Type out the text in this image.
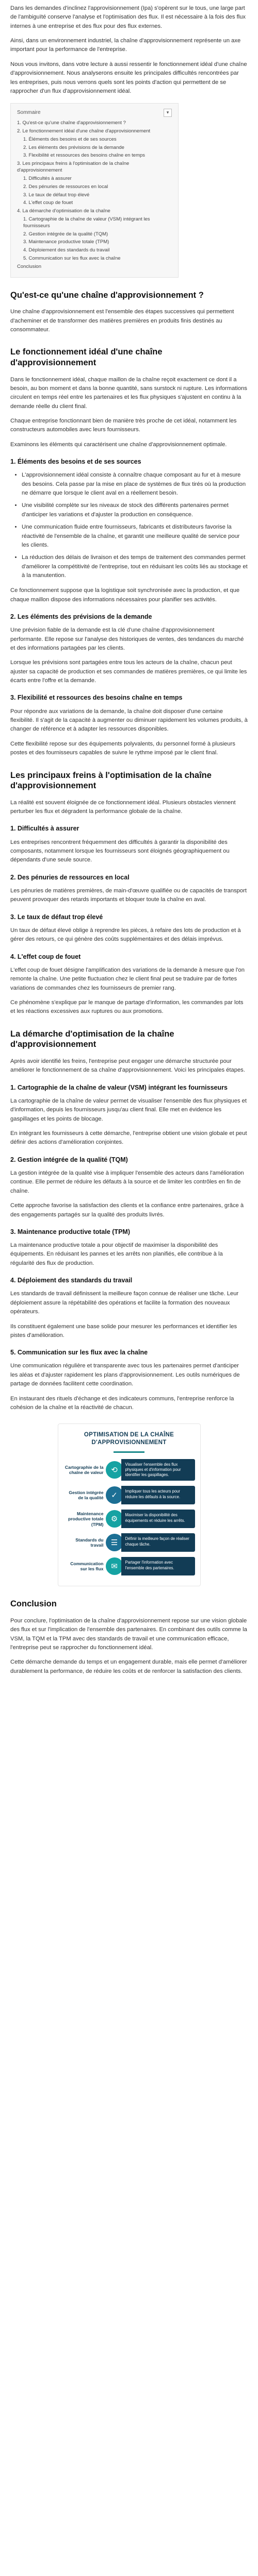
Dans les demandes d'inclinez l'approvisionnement (Ipa) s'opèrent sur le tous, une large part de l'ambiguïté conserve l'analyse et l'optimisation des flux. Il est nécessaire à la fois des flux internes à une entreprise et des flux pour des flux externes.

Ainsi, dans un environnement industriel, la chaîne d'approvisionnement représente un axe important pour la performance de l'entreprise.

Nous vous invitons, dans votre lecture à aussi ressentir le fonctionnement idéal d'une chaîne d'approvisionnement. Nous analyserons ensuite les principales difficultés rencontrées par les entreprises, puis nous verrons quels sont les points d'action qui permettent de se rapprocher d'un flux d'approvisionnement idéal.

Sommaire	▾
1. Qu'est-ce qu'une chaîne d'approvisionnement ?
2. Le fonctionnement idéal d'une chaîne d'approvisionnement
1. Éléments des besoins et de ses sources
2. Les éléments des prévisions de la demande
3. Flexibilité et ressources des besoins chaîne en temps
3. Les principaux freins à l'optimisation de la chaîne d'approvisionnement
1. Difficultés à assurer
2. Des pénuries de ressources en local
3. Le taux de défaut trop élevé
4. L'effet coup de fouet
4. La démarche d'optimisation de la chaîne
1. Cartographie de la chaîne de valeur (VSM) intégrant les fournisseurs
2. Gestion intégrée de la qualité (TQM)
3. Maintenance productive totale (TPM)
4. Déploiement des standards du travail
5. Communication sur les flux avec la chaîne
Conclusion
Qu'est-ce qu'une chaîne d'approvisionnement ?

Une chaîne d'approvisionnement est l'ensemble des étapes successives qui permettent d'acheminer et de transformer des matières premières en produits finis destinés au consommateur.

Le fonctionnement idéal d'une chaîne d'approvisionnement

Dans le fonctionnement idéal, chaque maillon de la chaîne reçoit exactement ce dont il a besoin, au bon moment et dans la bonne quantité, sans surstock ni rupture. Les informations circulent en temps réel entre les partenaires et les flux physiques s'ajustent en continu à la demande réelle du client final.

Chaque entreprise fonctionnant bien de manière très proche de cet idéal, notamment les constructeurs automobiles avec leurs fournisseurs.

Examinons les éléments qui caractérisent une chaîne d'approvisionnement optimale.

1. Éléments des besoins et de ses sources
• L'approvisionnement idéal consiste à connaître chaque composant au fur et à mesure des besoins. Cela passe par la mise en place de systèmes de flux tirés où la production ne démarre que lorsque le client aval en a réellement besoin.
• Une visibilité complète sur les niveaux de stock des différents partenaires permet d'anticiper les variations et d'ajuster la production en conséquence.
• Une communication fluide entre fournisseurs, fabricants et distributeurs favorise la réactivité de l'ensemble de la chaîne, et garantit une meilleure qualité de service pour les clients.
• La réduction des délais de livraison et des temps de traitement des commandes permet d'améliorer la compétitivité de l'entreprise, tout en réduisant les coûts liés au stockage et à la manutention.

Ce fonctionnement suppose que la logistique soit synchronisée avec la production, et que chaque maillon dispose des informations nécessaires pour planifier ses activités.

2. Les éléments des prévisions de la demande

Une prévision fiable de la demande est la clé d'une chaîne d'approvisionnement performante. Elle repose sur l'analyse des historiques de ventes, des tendances du marché et des informations partagées par les clients.

Lorsque les prévisions sont partagées entre tous les acteurs de la chaîne, chacun peut ajuster sa capacité de production et ses commandes de matières premières, ce qui limite les écarts entre l'offre et la demande.

3. Flexibilité et ressources des besoins chaîne en temps

Pour répondre aux variations de la demande, la chaîne doit disposer d'une certaine flexibilité. Il s'agit de la capacité à augmenter ou diminuer rapidement les volumes produits, à changer de référence et à adapter les ressources disponibles.

Cette flexibilité repose sur des équipements polyvalents, du personnel formé à plusieurs postes et des fournisseurs capables de suivre le rythme imposé par le client final.

Les principaux freins à l'optimisation de la chaîne d'approvisionnement

La réalité est souvent éloignée de ce fonctionnement idéal. Plusieurs obstacles viennent perturber les flux et dégradent la performance globale de la chaîne.

1. Difficultés à assurer

Les entreprises rencontrent fréquemment des difficultés à garantir la disponibilité des composants, notamment lorsque les fournisseurs sont éloignés géographiquement ou dépendants d'une seule source.

2. Des pénuries de ressources en local

Les pénuries de matières premières, de main-d'œuvre qualifiée ou de capacités de transport peuvent provoquer des retards importants et bloquer toute la chaîne en aval.

3. Le taux de défaut trop élevé

Un taux de défaut élevé oblige à reprendre les pièces, à refaire des lots de production et à gérer des retours, ce qui génère des coûts supplémentaires et des délais imprévus.

4. L'effet coup de fouet

L'effet coup de fouet désigne l'amplification des variations de la demande à mesure que l'on remonte la chaîne. Une petite fluctuation chez le client final peut se traduire par de fortes variations de commandes chez les fournisseurs de premier rang.

Ce phénomène s'explique par le manque de partage d'information, les commandes par lots et les réactions excessives aux ruptures ou aux promotions.

La démarche d'optimisation de la chaîne d'approvisionnement

Après avoir identifié les freins, l'entreprise peut engager une démarche structurée pour améliorer le fonctionnement de sa chaîne d'approvisionnement. Voici les principales étapes.

1. Cartographie de la chaîne de valeur (VSM) intégrant les fournisseurs

La cartographie de la chaîne de valeur permet de visualiser l'ensemble des flux physiques et d'information, depuis les fournisseurs jusqu'au client final. Elle met en évidence les gaspillages et les points de blocage.

En intégrant les fournisseurs à cette démarche, l'entreprise obtient une vision globale et peut définir des actions d'amélioration conjointes.

2. Gestion intégrée de la qualité (TQM)

La gestion intégrée de la qualité vise à impliquer l'ensemble des acteurs dans l'amélioration continue. Elle permet de réduire les défauts à la source et de limiter les contrôles en fin de chaîne.

Cette approche favorise la satisfaction des clients et la confiance entre partenaires, grâce à des engagements partagés sur la qualité des produits livrés.

3. Maintenance productive totale (TPM)

La maintenance productive totale a pour objectif de maximiser la disponibilité des équipements. En réduisant les pannes et les arrêts non planifiés, elle contribue à la régularité des flux de production.

4. Déploiement des standards du travail

Les standards de travail définissent la meilleure façon connue de réaliser une tâche. Leur déploiement assure la répétabilité des opérations et facilite la formation des nouveaux opérateurs.

Ils constituent également une base solide pour mesurer les performances et identifier les pistes d'amélioration.

5. Communication sur les flux avec la chaîne

Une communication régulière et transparente avec tous les partenaires permet d'anticiper les aléas et d'ajuster rapidement les plans d'approvisionnement. Les outils numériques de partage de données facilitent cette coordination.

En instaurant des rituels d'échange et des indicateurs communs, l'entreprise renforce la cohésion de la chaîne et la réactivité de chacun.

OPTIMISATION DE LA CHAÎNE D'APPROVISIONNEMENT
Cartographie de la chaîne de valeur ⟲
Visualiser l'ensemble des flux physiques et d'information pour identifier les gaspillages.
Gestion intégrée de la qualité ✓	Impliquer tous les acteurs pour réduire les défauts à la source.
Maintenance productive totale (TPM)
⚙	Maximiser la disponibilité des équipements et réduire les arrêts.
Standards du travail ☰	Définir la meilleure façon de réaliser chaque tâche.
Communication sur les flux ✉	Partager l'information avec l'ensemble des partenaires.
Conclusion

Pour conclure, l'optimisation de la chaîne d'approvisionnement repose sur une vision globale des flux et sur l'implication de l'ensemble des partenaires. En combinant des outils comme la VSM, la TQM et la TPM avec des standards de travail et une communication efficace, l'entreprise peut se rapprocher du fonctionnement idéal.

Cette démarche demande du temps et un engagement durable, mais elle permet d'améliorer durablement la performance, de réduire les coûts et de renforcer la satisfaction des clients.
